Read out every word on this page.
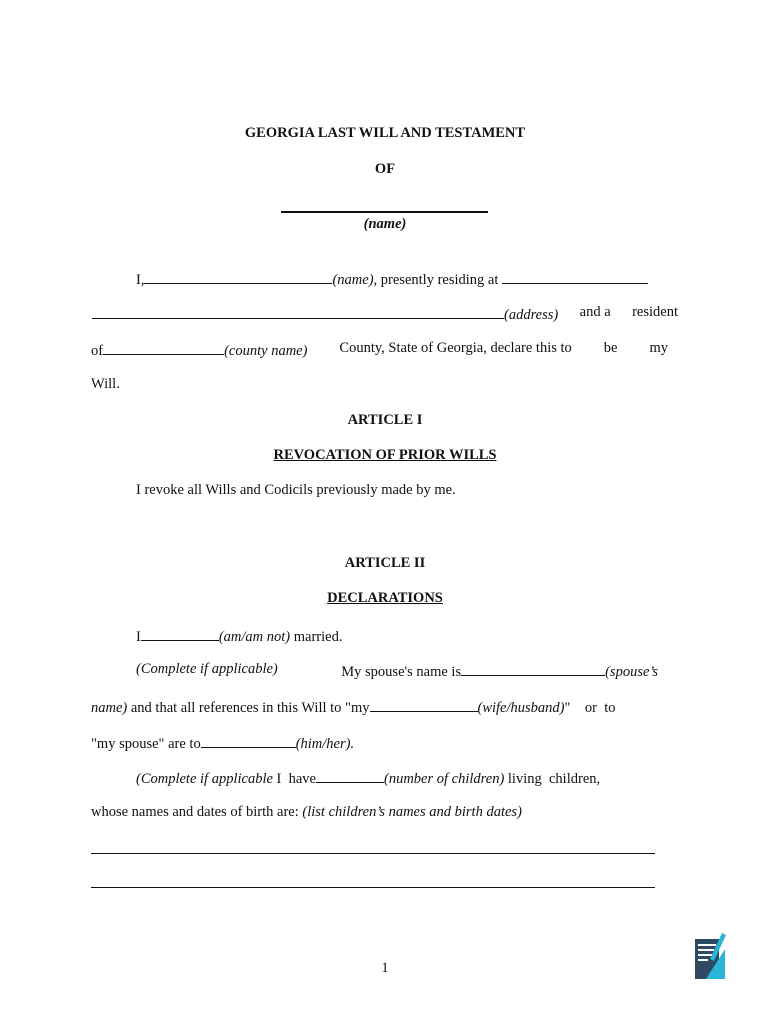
GEORGIA LAST WILL AND TESTAMENT
OF
(name)
I,	(name), presently residing at
(address) and a resident
of	(county name) County, State of Georgia, declare this to be my
Will.
ARTICLE I
REVOCATION OF PRIOR WILLS
I revoke all Wills and Codicils previously made by me.
ARTICLE II
DECLARATIONS
I	(am/am not) married.
(Complete if applicable)	My spouse's name is	(spouse’s
name) and that all references in this Will to "my	(wife/husband)"    or  to
"my spouse" are to	(him/her).
(Complete if applicable I  have	(number of children) living  children,
whose names and dates of birth are: (list children’s names and birth dates)
1
